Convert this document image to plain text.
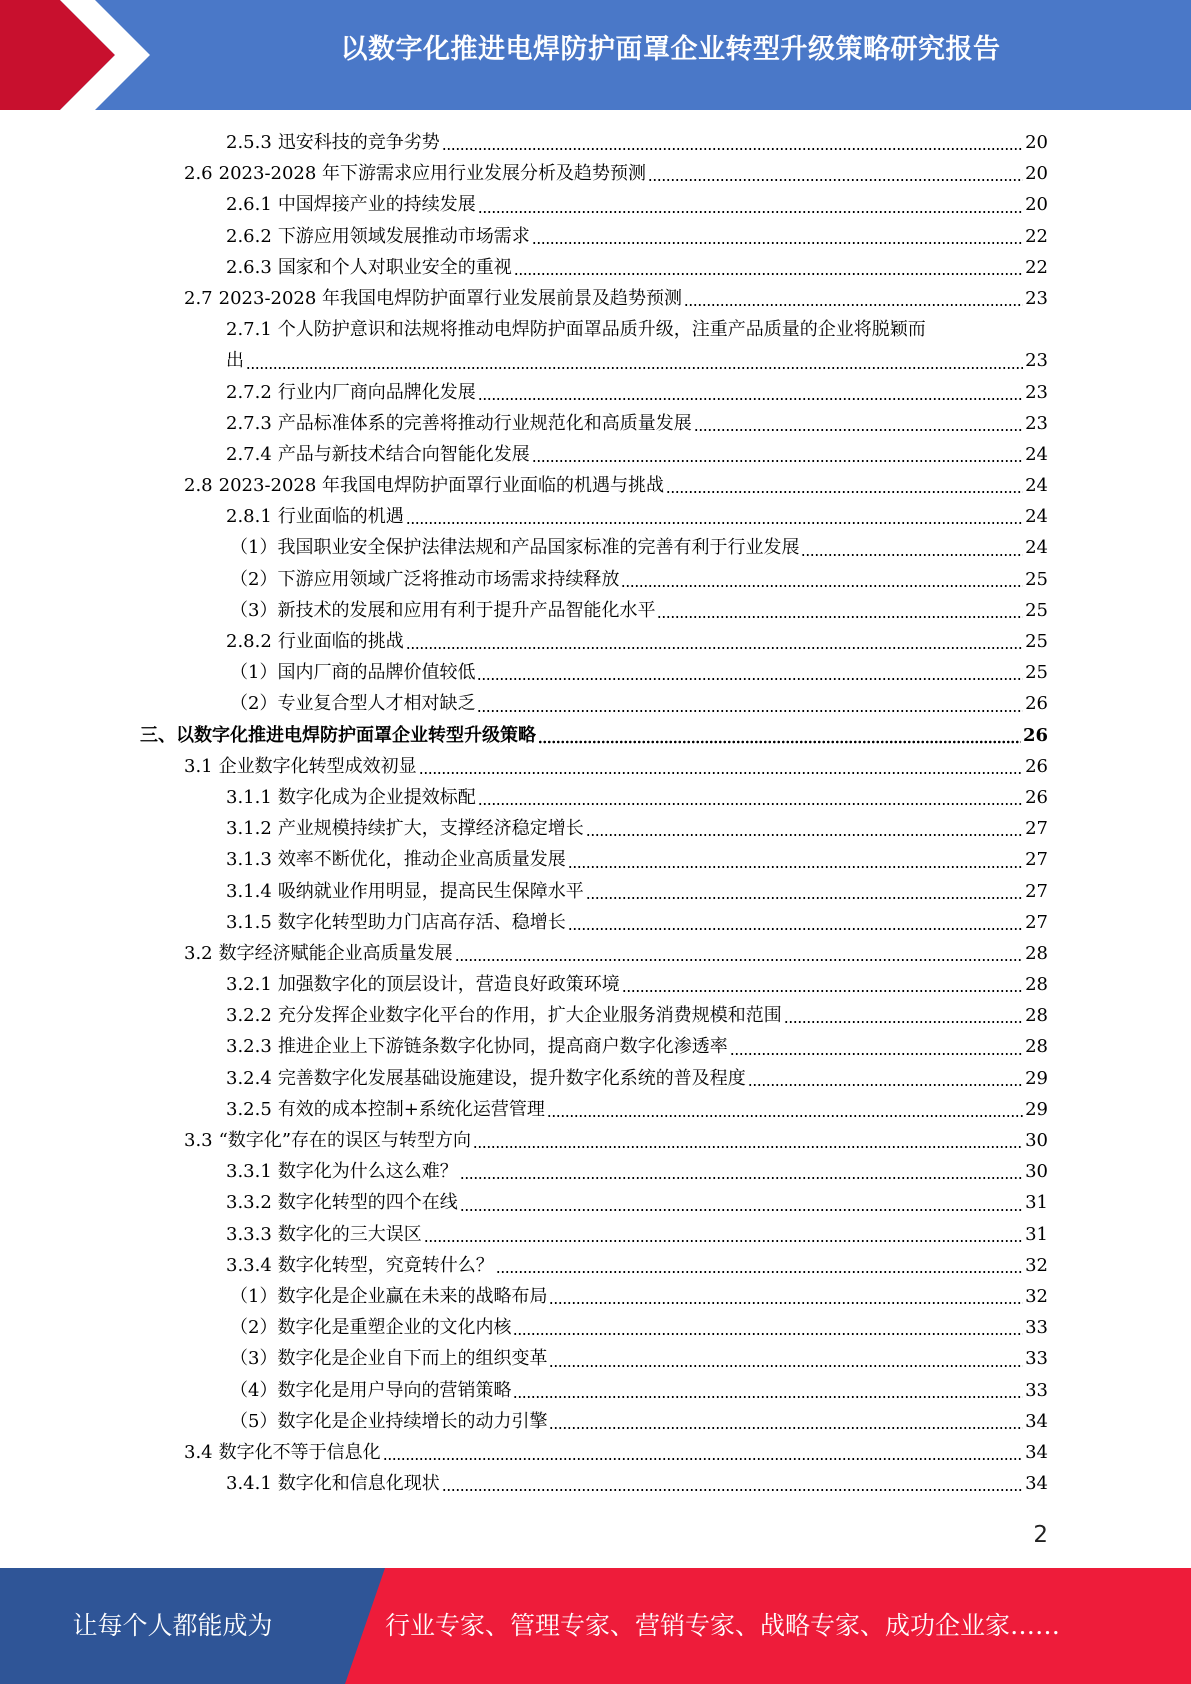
以数字化推进电焊防护面罩企业转型升级策略研究报告
2.5.3 迅安科技的竞争劣势	20
2.6 2023-2028 年下游需求应用行业发展分析及趋势预测	20
2.6.1 中国焊接产业的持续发展	20
2.6.2 下游应用领域发展推动市场需求	22
2.6.3 国家和个人对职业安全的重视	22
2.7 2023-2028 年我国电焊防护面罩行业发展前景及趋势预测	23
2.7.1 个人防护意识和法规将推动电焊防护面罩品质升级，注重产品质量的企业将脱颖而
出	23
2.7.2 行业内厂商向品牌化发展	23
2.7.3 产品标准体系的完善将推动行业规范化和高质量发展	23
2.7.4 产品与新技术结合向智能化发展	24
2.8 2023-2028 年我国电焊防护面罩行业面临的机遇与挑战	24
2.8.1 行业面临的机遇	24
（1） 我国职业安全保护法律法规和产品国家标准的完善有利于行业发展	24
（2） 下游应用领域广泛将推动市场需求持续释放	25
（3） 新技术的发展和应用有利于提升产品智能化水平	25
2.8.2 行业面临的挑战	25
（1） 国内厂商的品牌价值较低	25
（2） 专业复合型人才相对缺乏	26
三、 以数字化推进电焊防护面罩企业转型升级策略	26
3.1 企业数字化转型成效初显	26
3.1.1 数字化成为企业提效标配	26
3.1.2 产业规模持续扩大，支撑经济稳定增长	27
3.1.3 效率不断优化，推动企业高质量发展	27
3.1.4 吸纳就业作用明显，提高民生保障水平	27
3.1.5 数字化转型助力门店高存活、稳增长	27
3.2 数字经济赋能企业高质量发展	28
3.2.1 加强数字化的顶层设计，营造良好政策环境	28
3.2.2 充分发挥企业数字化平台的作用，扩大企业服务消费规模和范围	28
3.2.3 推进企业上下游链条数字化协同，提高商户数字化渗透率	28
3.2.4 完善数字化发展基础设施建设，提升数字化系统的普及程度	29
3.2.5 有效的成本控制+系统化运营管理	29
3.3 “数字化”存在的误区与转型方向	30
3.3.1 数字化为什么这么难？	30
3.3.2 数字化转型的四个在线	31
3.3.3 数字化的三大误区	31
3.3.4 数字化转型，究竟转什么？	32
（1） 数字化是企业赢在未来的战略布局	32
（2） 数字化是重塑企业的文化内核	33
（3） 数字化是企业自下而上的组织变革	33
（4） 数字化是用户导向的营销策略	33
（5） 数字化是企业持续增长的动力引擎	34
3.4 数字化不等于信息化	34
3.4.1 数字化和信息化现状	34
2
让每个人都能成为	行业专家、管理专家、营销专家、战略专家、成功企业家……
